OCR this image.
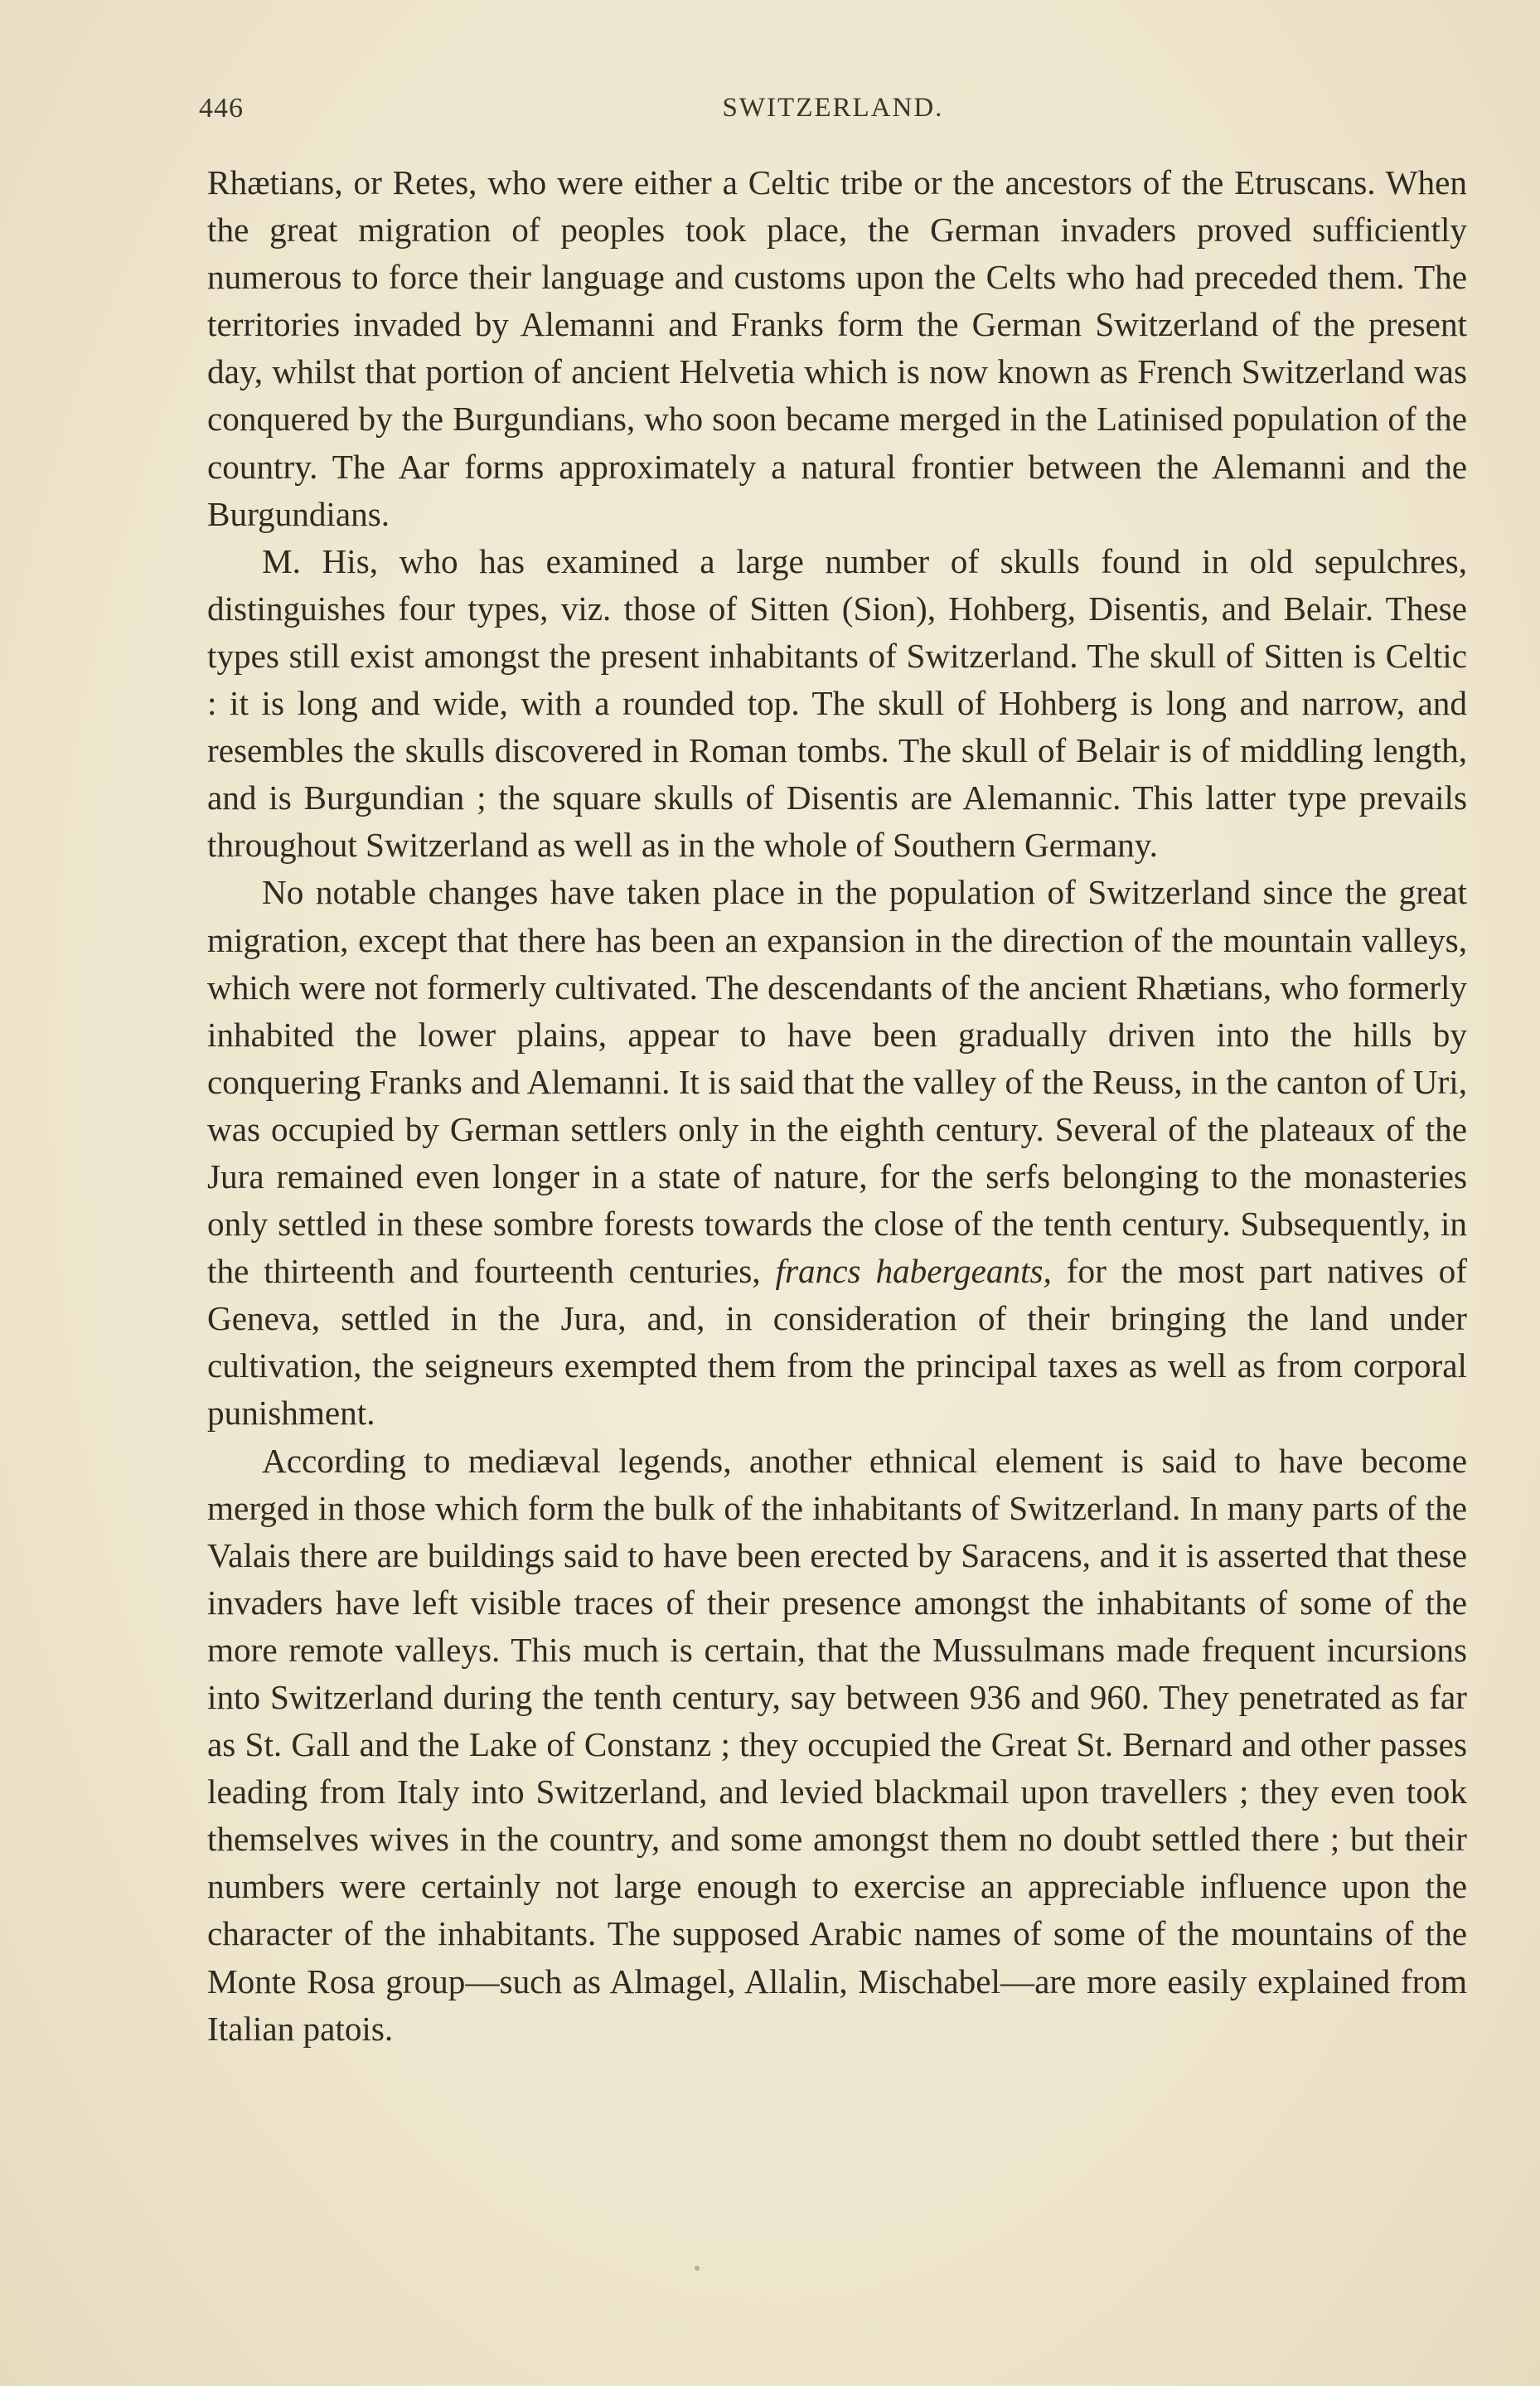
446	SWITZERLAND.

Rhætians, or Retes, who were either a Celtic tribe or the ancestors of the Etruscans. When the great migration of peoples took place, the German invaders proved sufficiently numerous to force their language and customs upon the Celts who had preceded them. The territories invaded by Alemanni and Franks form the German Switzerland of the present day, whilst that portion of ancient Helvetia which is now known as French Switzerland was conquered by the Burgundians, who soon became merged in the Latinised population of the country. The Aar forms approximately a natural frontier between the Alemanni and the Burgundians.

M. His, who has examined a large number of skulls found in old sepulchres, distinguishes four types, viz. those of Sitten (Sion), Hohberg, Disentis, and Belair. These types still exist amongst the present inhabitants of Switzerland. The skull of Sitten is Celtic : it is long and wide, with a rounded top. The skull of Hohberg is long and narrow, and resembles the skulls discovered in Roman tombs. The skull of Belair is of middling length, and is Burgundian ; the square skulls of Disentis are Alemannic. This latter type prevails throughout Switzerland as well as in the whole of Southern Germany.

No notable changes have taken place in the population of Switzerland since the great migration, except that there has been an expansion in the direction of the mountain valleys, which were not formerly cultivated. The descendants of the ancient Rhætians, who formerly inhabited the lower plains, appear to have been gradually driven into the hills by conquering Franks and Alemanni. It is said that the valley of the Reuss, in the canton of Uri, was occupied by German settlers only in the eighth century. Several of the plateaux of the Jura remained even longer in a state of nature, for the serfs belonging to the monasteries only settled in these sombre forests towards the close of the tenth century. Subsequently, in the thirteenth and fourteenth centuries, francs habergeants, for the most part natives of Geneva, settled in the Jura, and, in consideration of their bringing the land under cultivation, the seigneurs exempted them from the principal taxes as well as from corporal punishment.

According to mediæval legends, another ethnical element is said to have become merged in those which form the bulk of the inhabitants of Switzerland. In many parts of the Valais there are buildings said to have been erected by Saracens, and it is asserted that these invaders have left visible traces of their presence amongst the inhabitants of some of the more remote valleys. This much is certain, that the Mussulmans made frequent incursions into Switzerland during the tenth century, say between 936 and 960. They penetrated as far as St. Gall and the Lake of Constanz ; they occupied the Great St. Bernard and other passes leading from Italy into Switzerland, and levied blackmail upon travellers ; they even took themselves wives in the country, and some amongst them no doubt settled there ; but their numbers were certainly not large enough to exercise an appreciable influence upon the character of the inhabitants. The supposed Arabic names of some of the mountains of the Monte Rosa group—such as Almagel, Allalin, Mischabel—are more easily explained from Italian patois.
